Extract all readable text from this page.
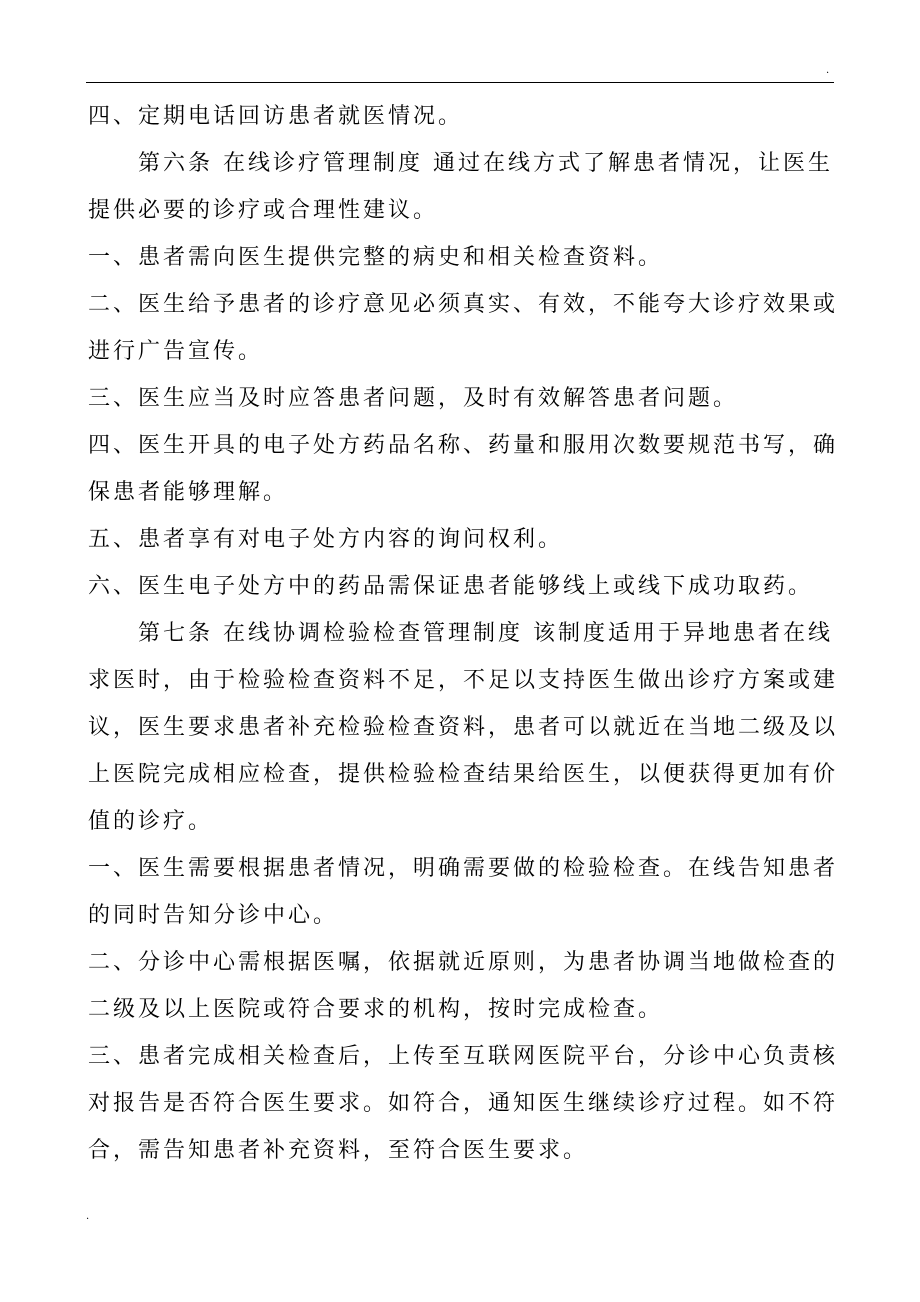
.

四、定期电话回访患者就医情况。

第六条 在线诊疗管理制度 通过在线方式了解患者情况，让医生
提供必要的诊疗或合理性建议。

一、患者需向医生提供完整的病史和相关检查资料。

二、医生给予患者的诊疗意见必须真实、有效，不能夸大诊疗效果或
进行广告宣传。

三、医生应当及时应答患者问题，及时有效解答患者问题。

四、医生开具的电子处方药品名称、药量和服用次数要规范书写，确
保患者能够理解。

五、患者享有对电子处方内容的询问权利。

六、医生电子处方中的药品需保证患者能够线上或线下成功取药。

第七条 在线协调检验检查管理制度 该制度适用于异地患者在线
求医时，由于检验检查资料不足，不足以支持医生做出诊疗方案或建
议，医生要求患者补充检验检查资料，患者可以就近在当地二级及以
上医院完成相应检查，提供检验检查结果给医生，以便获得更加有价
值的诊疗。

一、医生需要根据患者情况，明确需要做的检验检查。在线告知患者
的同时告知分诊中心。

二、分诊中心需根据医嘱，依据就近原则，为患者协调当地做检查的
二级及以上医院或符合要求的机构，按时完成检查。

三、患者完成相关检查后，上传至互联网医院平台，分诊中心负责核
对报告是否符合医生要求。如符合，通知医生继续诊疗过程。如不符
合，需告知患者补充资料，至符合医生要求。

.
